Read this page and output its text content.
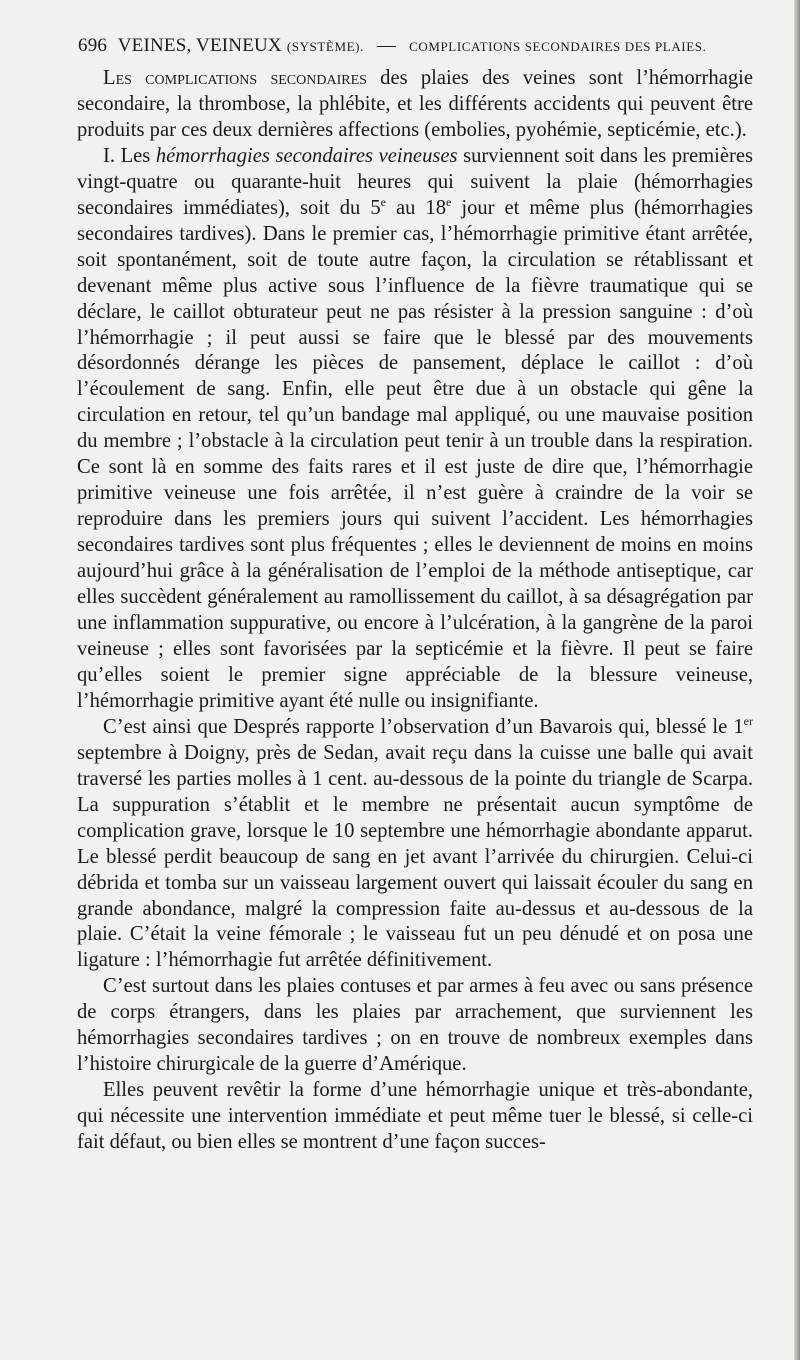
696 VEINES, VEINEUX (SYSTÈME). — COMPLICATIONS SECONDAIRES DES PLAIES.

Les complications secondaires des plaies des veines sont l’hémorrhagie secondaire, la thrombose, la phlébite, et les différents accidents qui peuvent être produits par ces deux dernières affections (embolies, pyohémie, septicémie, etc.).

I. Les hémorrhagies secondaires veineuses surviennent soit dans les premières vingt-quatre ou quarante-huit heures qui suivent la plaie (hémorrhagies secondaires immédiates), soit du 5e au 18e jour et même plus (hémorrhagies secondaires tardives). Dans le premier cas, l’hémorrhagie primitive étant arrêtée, soit spontanément, soit de toute autre façon, la circulation se rétablissant et devenant même plus active sous l’influence de la fièvre traumatique qui se déclare, le caillot obturateur peut ne pas résister à la pression sanguine : d’où l’hémorrhagie ; il peut aussi se faire que le blessé par des mouvements désordonnés dérange les pièces de pansement, déplace le caillot : d’où l’écoulement de sang. Enfin, elle peut être due à un obstacle qui gêne la circulation en retour, tel qu’un bandage mal appliqué, ou une mauvaise position du membre ; l’obstacle à la circulation peut tenir à un trouble dans la respiration. Ce sont là en somme des faits rares et il est juste de dire que, l’hémorrhagie primitive veineuse une fois arrêtée, il n’est guère à craindre de la voir se reproduire dans les premiers jours qui suivent l’accident. Les hémorrhagies secondaires tardives sont plus fréquentes ; elles le deviennent de moins en moins aujourd’hui grâce à la généralisation de l’emploi de la méthode antiseptique, car elles succèdent généralement au ramollissement du caillot, à sa désagrégation par une inflammation suppurative, ou encore à l’ulcération, à la gangrène de la paroi veineuse ; elles sont favorisées par la septicémie et la fièvre. Il peut se faire qu’elles soient le premier signe appréciable de la blessure veineuse, l’hémorrhagie primitive ayant été nulle ou insignifiante.

C’est ainsi que Després rapporte l’observation d’un Bavarois qui, blessé le 1er septembre à Doigny, près de Sedan, avait reçu dans la cuisse une balle qui avait traversé les parties molles à 1 cent. au-dessous de la pointe du triangle de Scarpa. La suppuration s’établit et le membre ne présentait aucun symptôme de complication grave, lorsque le 10 septembre une hémorrhagie abondante apparut. Le blessé perdit beaucoup de sang en jet avant l’arrivée du chirurgien. Celui-ci débrida et tomba sur un vaisseau largement ouvert qui laissait écouler du sang en grande abondance, malgré la compression faite au-dessus et au-dessous de la plaie. C’était la veine fémorale ; le vaisseau fut un peu dénudé et on posa une ligature : l’hémorrhagie fut arrêtée définitivement.

C’est surtout dans les plaies contuses et par armes à feu avec ou sans présence de corps étrangers, dans les plaies par arrachement, que surviennent les hémorrhagies secondaires tardives ; on en trouve de nombreux exemples dans l’histoire chirurgicale de la guerre d’Amérique.

Elles peuvent revêtir la forme d’une hémorrhagie unique et très-abondante, qui nécessite une intervention immédiate et peut même tuer le blessé, si celle-ci fait défaut, ou bien elles se montrent d’une façon succes-
